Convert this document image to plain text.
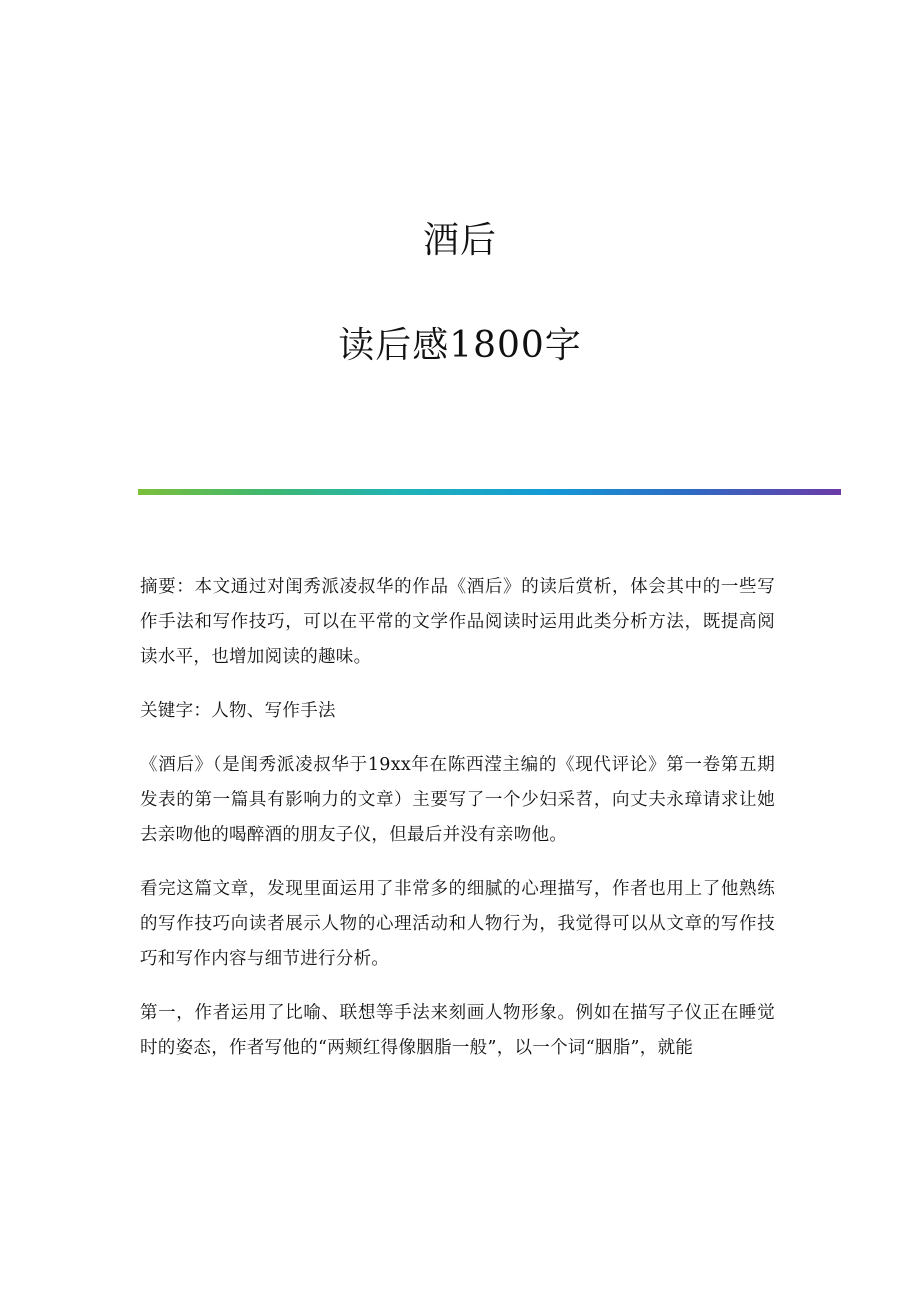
酒后
读后感1800字

摘要：本文通过对闺秀派凌叔华的作品《酒后》的读后赏析，体会其中的一些写作手法和写作技巧，可以在平常的文学作品阅读时运用此类分析方法，既提高阅读水平，也增加阅读的趣味。

关键字：人物、写作手法

《酒后》（是闺秀派凌叔华于19xx年在陈西滢主编的《现代评论》第一卷第五期发表的第一篇具有影响力的文章）主要写了一个少妇采苕，向丈夫永璋请求让她去亲吻他的喝醉酒的朋友子仪，但最后并没有亲吻他。

看完这篇文章，发现里面运用了非常多的细腻的心理描写，作者也用上了他熟练的写作技巧向读者展示人物的心理活动和人物行为，我觉得可以从文章的写作技巧和写作内容与细节进行分析。

第一，作者运用了比喻、联想等手法来刻画人物形象。例如在描写子仪正在睡觉时的姿态，作者写他的“两颊红得像胭脂一般”，以一个词“胭脂”，就能
